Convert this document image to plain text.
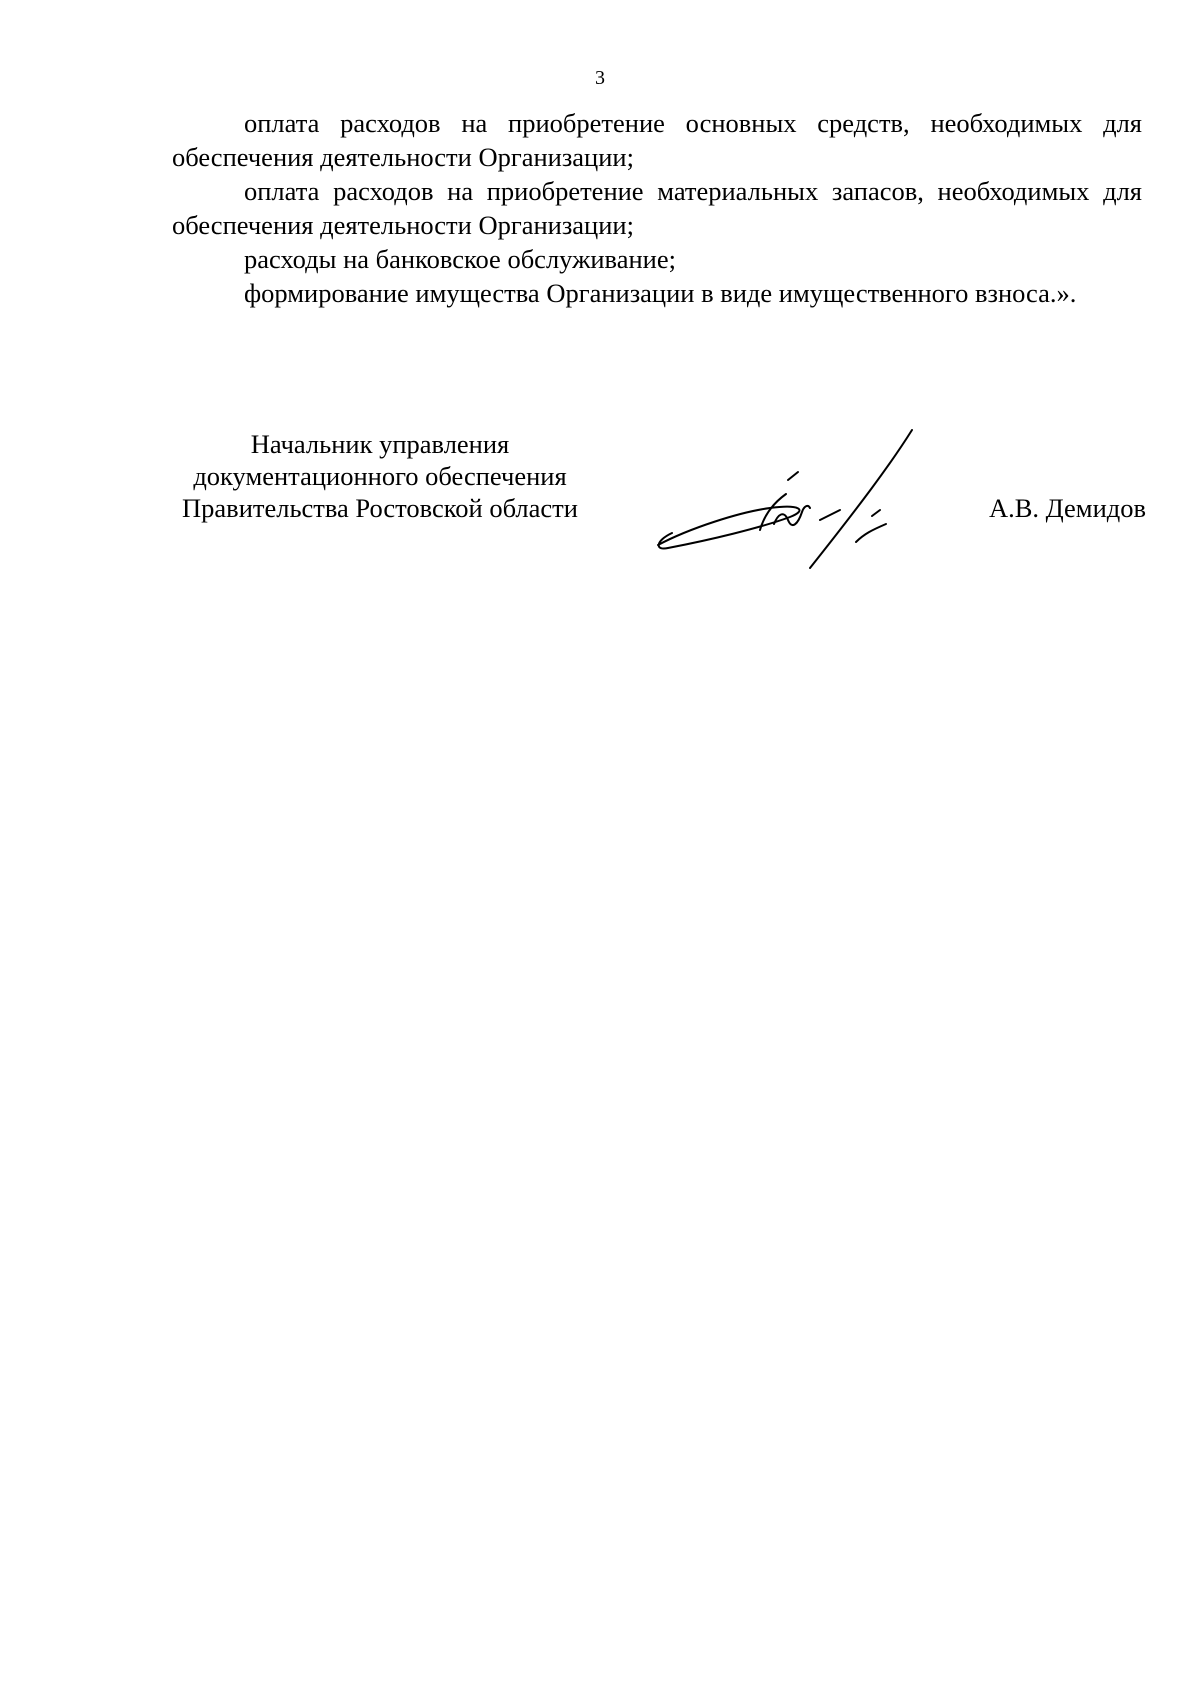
3

оплата расходов на приобретение основных средств, необходимых для обеспечения деятельности Организации;

оплата расходов на приобретение материальных запасов, необходимых для обеспечения деятельности Организации;

расходы на банковское обслуживание;

формирование имущества Организации в виде имущественного взноса.».

Начальник управления
документационного обеспечения
Правительства Ростовской области	А.В. Демидов
